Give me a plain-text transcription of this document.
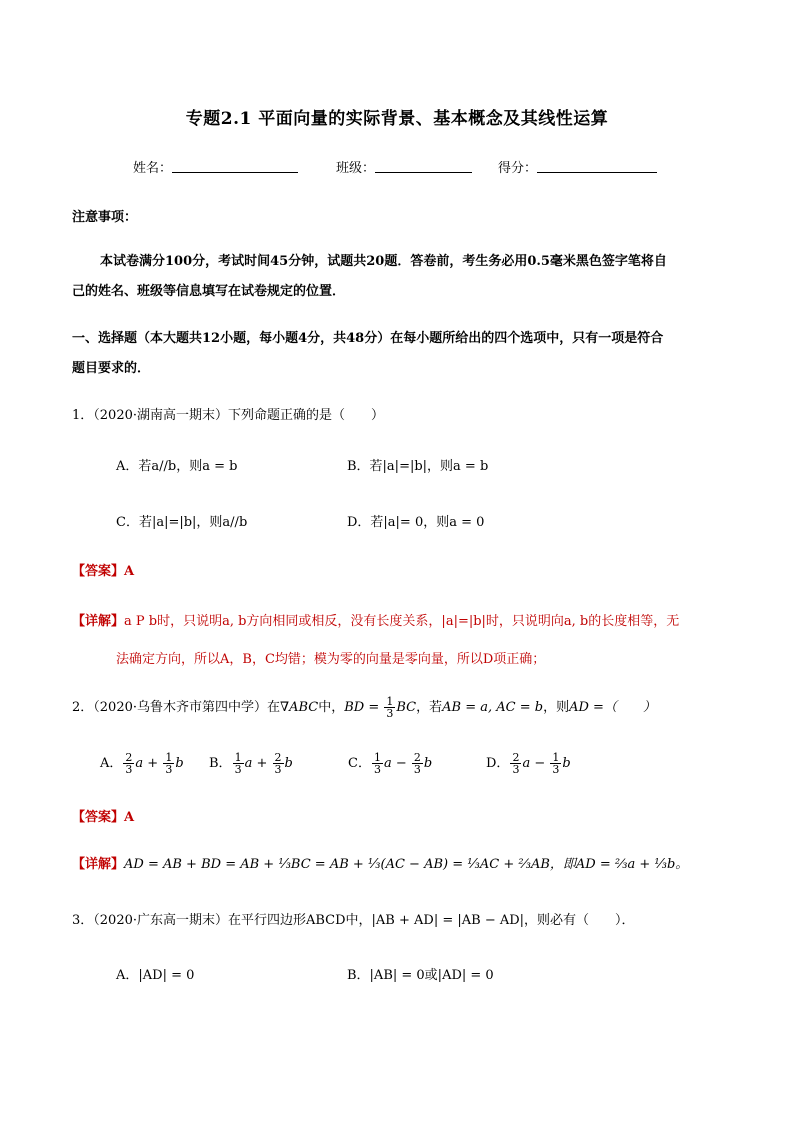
专题2.1 平面向量的实际背景、基本概念及其线性运算
姓名：	班级：	得分：
注意事项：
本试卷满分100分，考试时间45分钟，试题共20题．答卷前，考生务必用0.5毫米黑色签字笔将自
己的姓名、班级等信息填写在试卷规定的位置．
一、选择题（本大题共12小题，每小题4分，共48分）在每小题所给出的四个选项中，只有一项是符合
题目要求的．
1．（2020·湖南高一期末）下列命题正确的是（　　）
A．若a//b，则a = b	B．若|a|=|b|，则a = b
C．若|a|=|b|，则a//b	D．若|a|= 0，则a = 0
【答案】A
【详解】a P b时，只说明a, b方向相同或相反，没有长度关系，|a|=|b|时，只说明向a, b的长度相等，无
法确定方向，所以A，B，C均错；模为零的向量是零向量，所以D项正确；
2．（2020·乌鲁木齐市第四中学）在∇ABC中，BD = $\frac{1}{3}$ BC，若AB = a, AC = b，则AD =（　　）
A． $\frac{2}{3}$ $a + \frac{1}{3}$ b B． $\frac{1}{3}$ $a + \frac{2}{3}$ b	C． $\frac{1}{3}$ $a - \frac{2}{3}$ b	D． $\frac{2}{3}$ $a - \frac{1}{3}$ b
【答案】A
【详解】AD = AB + BD = AB + ⅓BC = AB + ⅓(AC − AB) = ⅓AC + ⅔AB，即AD = ⅔a + ⅓b。
3．（2020·广东高一期末）在平行四边形ABCD中，|AB + AD| = |AB − AD|，则必有（　　）．
A．|AD| = 0	B．|AB| = 0或|AD| = 0
